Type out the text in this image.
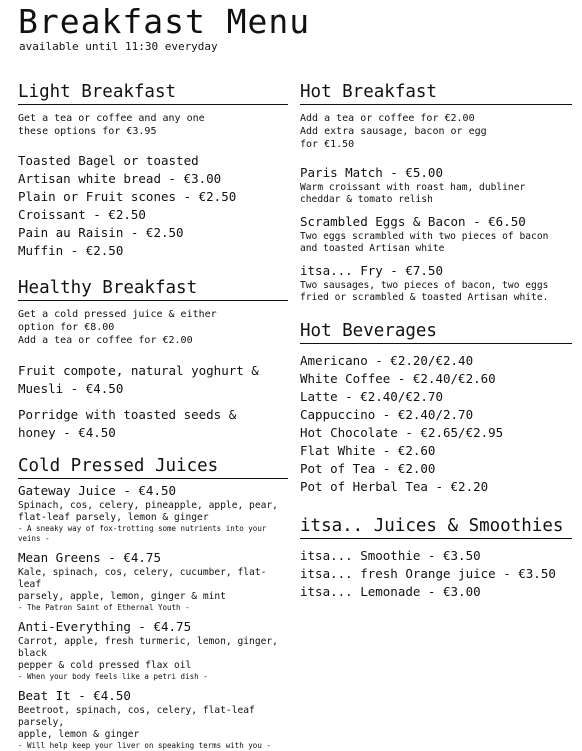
Breakfast Menu
available until 11:30 everyday
Light Breakfast
Get a tea or coffee and any one
these options for €3.95
Toasted Bagel or toasted
Artisan white bread - €3.00
Plain or Fruit scones - €2.50
Croissant - €2.50
Pain au Raisin - €2.50
Muffin - €2.50
Healthy Breakfast
Get a cold pressed juice & either
option for €8.00
Add a tea or coffee for €2.00
Fruit compote, natural yoghurt &
Muesli - €4.50
Porridge with toasted seeds &
honey - €4.50
Cold Pressed Juices
Gateway Juice - €4.50
Spinach, cos, celery, pineapple, apple, pear,
flat-leaf parsely, lemon & ginger
- A sneaky way of fox-trotting some nutrients into your veins -
Mean Greens - €4.75
Kale, spinach, cos, celery, cucumber, flat-leaf
parsely, apple, lemon, ginger & mint
- The Patron Saint of Ethernal Youth -
Anti-Everything - €4.75
Carrot, apple, fresh turmeric, lemon, ginger, black
pepper & cold pressed flax oil
- When your body feels like a petri dish -
Beat It - €4.50
Beetroot, spinach, cos, celery, flat-leaf parsely,
apple, lemon & ginger
- Will help keep your liver on speaking terms with you -
Hot Breakfast
Add a tea or coffee for €2.00
Add extra sausage, bacon or egg
for €1.50
Paris Match - €5.00
Warm croissant with roast ham, dubliner
cheddar & tomato relish
Scrambled Eggs & Bacon - €6.50
Two eggs scrambled with two pieces of bacon
and toasted Artisan white
itsa... Fry - €7.50
Two sausages, two pieces of bacon, two eggs
fried or scrambled & toasted Artisan white.
Hot Beverages
Americano - €2.20/€2.40
White Coffee - €2.40/€2.60
Latte - €2.40/€2.70
Cappuccino - €2.40/2.70
Hot Chocolate - €2.65/€2.95
Flat White - €2.60
Pot of Tea - €2.00
Pot of Herbal Tea - €2.20
itsa.. Juices & Smoothies
itsa... Smoothie - €3.50
itsa... fresh Orange juice - €3.50
itsa... Lemonade - €3.00
